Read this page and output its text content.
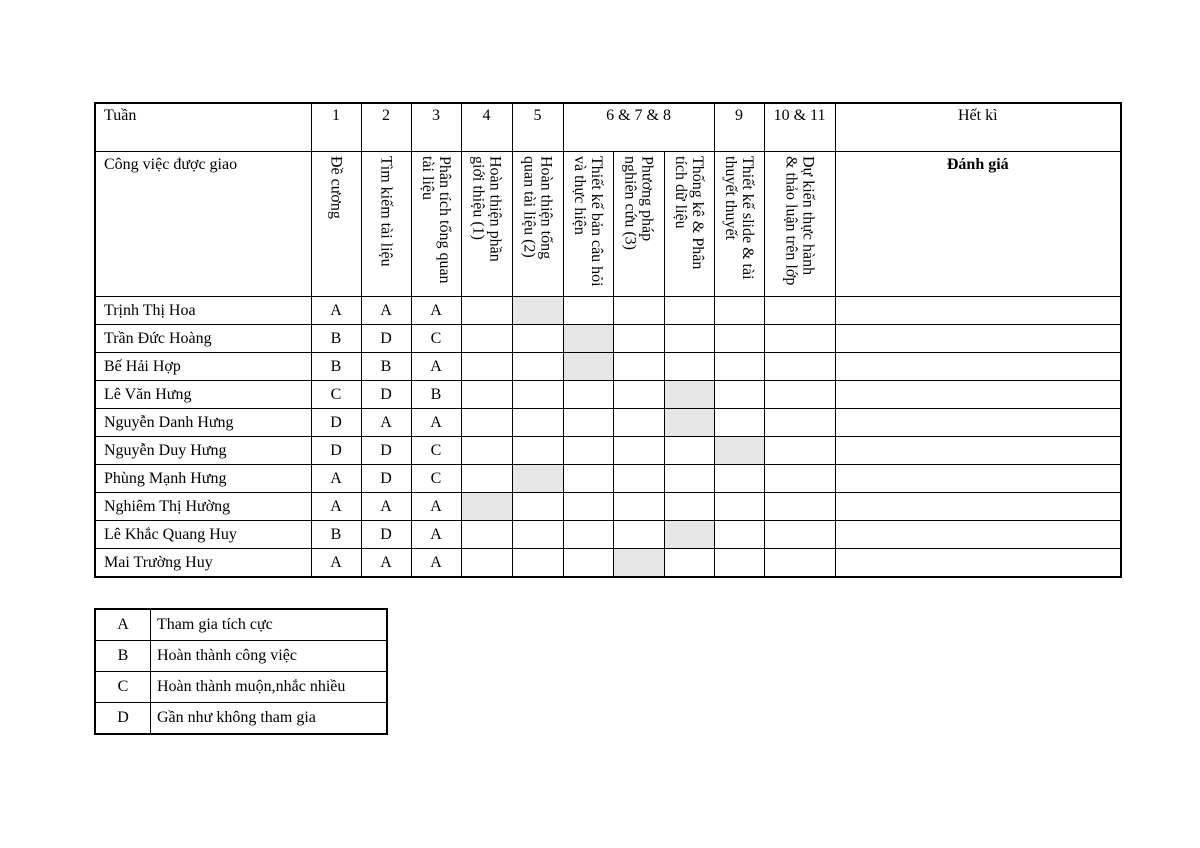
Tuần	1	2	3	4	5	6 & 7 & 8			9	10 & 11	Hết kì
Công việc được giao	Đề cương	Tìm kiếm tài liệu	Phân tích tổng quan tài liệu	Hoàn thiện phần giới thiệu (1)	Hoàn thiện tổng quan tài liệu (2)	Thiết kế bản câu hỏi và thực hiện	Phương pháp nghiên cứu (3)	Thống kê & Phân tích dữ liệu	Thiết kế slide & tài thuyết thuyết	Dự kiến thực hành & thảo luận trên lớp	Đánh giá
Trịnh Thị Hoa	A	A	A								
Trần Đức Hoàng	B	D	C								
Bế Hải Hợp	B	B	A								
Lê Văn Hưng	C	D	B								
Nguyễn Danh Hưng	D	A	A								
Nguyễn Duy Hưng	D	D	C								
Phùng Mạnh Hưng	A	D	C								
Nghiêm Thị Hường	A	A	A								
Lê Khắc Quang Huy	B	D	A								
Mai Trường Huy	A	A	A								
A	Tham gia tích cực
B	Hoàn thành công việc
C	Hoàn thành muộn,nhắc nhiều
D	Gần như không tham gia
